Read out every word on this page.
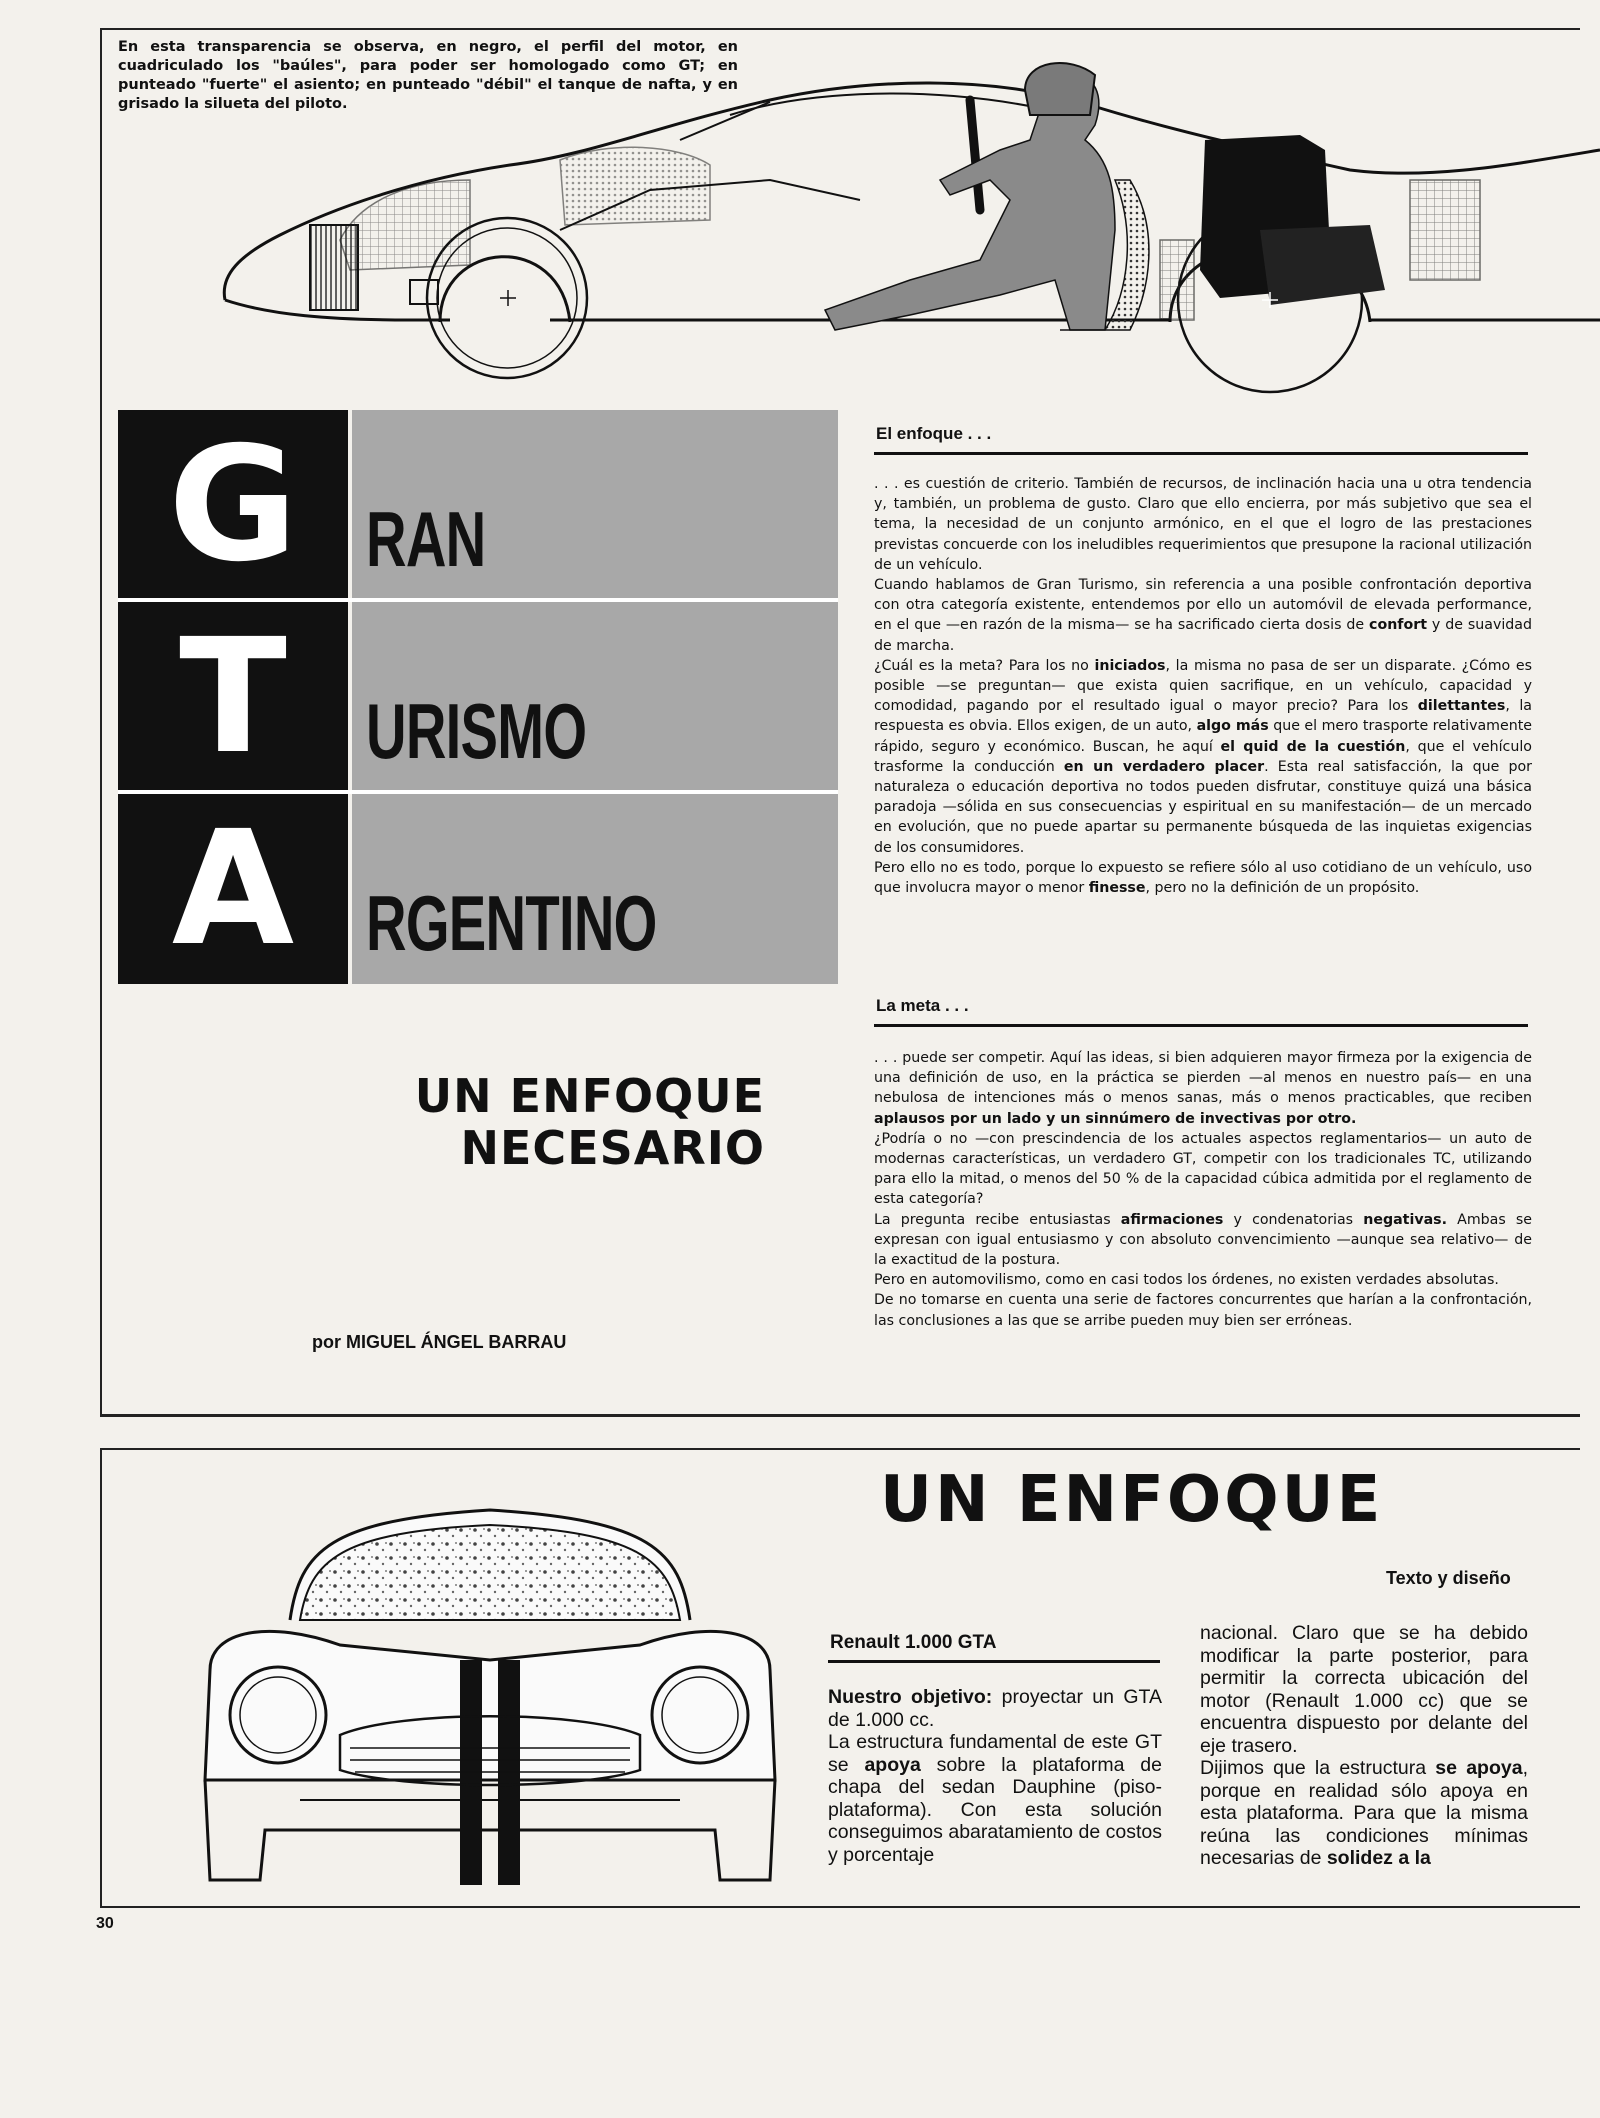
En esta transparencia se observa, en negro, el perfil del motor, en cuadriculado los "baúles", para poder ser homologado como GT; en punteado "fuerte" el asiento; en punteado "débil" el tanque de nafta, y en grisado la silueta del piloto.
G RAN
T URISMO
A RGENTINO
UN ENFOQUE
NECESARIO
por MIGUEL ÁNGEL BARRAU
El enfoque . . .

. . . es cuestión de criterio. También de recursos, de inclinación hacia una u otra tendencia y, también, un problema de gusto. Claro que ello encierra, por más subjetivo que sea el tema, la necesidad de un conjunto armónico, en el que el logro de las prestaciones previstas concuerde con los ineludibles requerimientos que presupone la racional utilización de un vehículo.

Cuando hablamos de Gran Turismo, sin referencia a una posible confrontación deportiva con otra categoría existente, entendemos por ello un automóvil de elevada performance, en el que —en razón de la misma— se ha sacrificado cierta dosis de confort y de suavidad de marcha.

¿Cuál es la meta? Para los no iniciados, la misma no pasa de ser un disparate. ¿Cómo es posible —se preguntan— que exista quien sacrifique, en un vehículo, capacidad y comodidad, pagando por el resultado igual o mayor precio? Para los dilettantes, la respuesta es obvia. Ellos exigen, de un auto, algo más que el mero trasporte relativamente rápido, seguro y económico. Buscan, he aquí el quid de la cuestión, que el vehículo trasforme la conducción en un verdadero placer. Esta real satisfacción, la que por naturaleza o educación deportiva no todos pueden disfrutar, constituye quizá una básica paradoja —sólida en sus consecuencias y espiritual en su manifestación— de un mercado en evolución, que no puede apartar su permanente búsqueda de las inquietas exigencias de los consumidores.

Pero ello no es todo, porque lo expuesto se refiere sólo al uso cotidiano de un vehículo, uso que involucra mayor o menor finesse, pero no la definición de un propósito.

La meta . . .

. . . puede ser competir. Aquí las ideas, si bien adquieren mayor firmeza por la exigencia de una definición de uso, en la práctica se pierden —al menos en nuestro país— en una nebulosa de intenciones más o menos sanas, más o menos practicables, que reciben aplausos por un lado y un sinnúmero de invectivas por otro.

¿Podría o no —con prescindencia de los actuales aspectos reglamentarios— un auto de modernas características, un verdadero GT, competir con los tradicionales TC, utilizando para ello la mitad, o menos del 50 % de la capacidad cúbica admitida por el reglamento de esta categoría?

La pregunta recibe entusiastas afirmaciones y condenatorias negativas. Ambas se expresan con igual entusiasmo y con absoluto convencimiento —aunque sea relativo— de la exactitud de la postura.

Pero en automovilismo, como en casi todos los órdenes, no existen verdades absolutas.

De no tomarse en cuenta una serie de factores concurrentes que harían a la confrontación, las conclusiones a las que se arribe pueden muy bien ser erróneas.

UN ENFOQUE
Texto y diseño
Renault 1.000 GTA

Nuestro objetivo: proyectar un GTA de 1.000 cc.

La estructura fundamental de este GT se apoya sobre la plataforma de chapa del sedan Dauphine (piso-plataforma). Con esta solución conseguimos abaratamiento de costos y porcentaje

nacional. Claro que se ha debido modificar la parte posterior, para permitir la correcta ubicación del motor (Renault 1.000 cc) que se encuentra dispuesto por delante del eje trasero.

Dijimos que la estructura se apoya, porque en realidad sólo apoya en esta plataforma. Para que la misma reúna las condiciones mínimas necesarias de solidez a la

30
